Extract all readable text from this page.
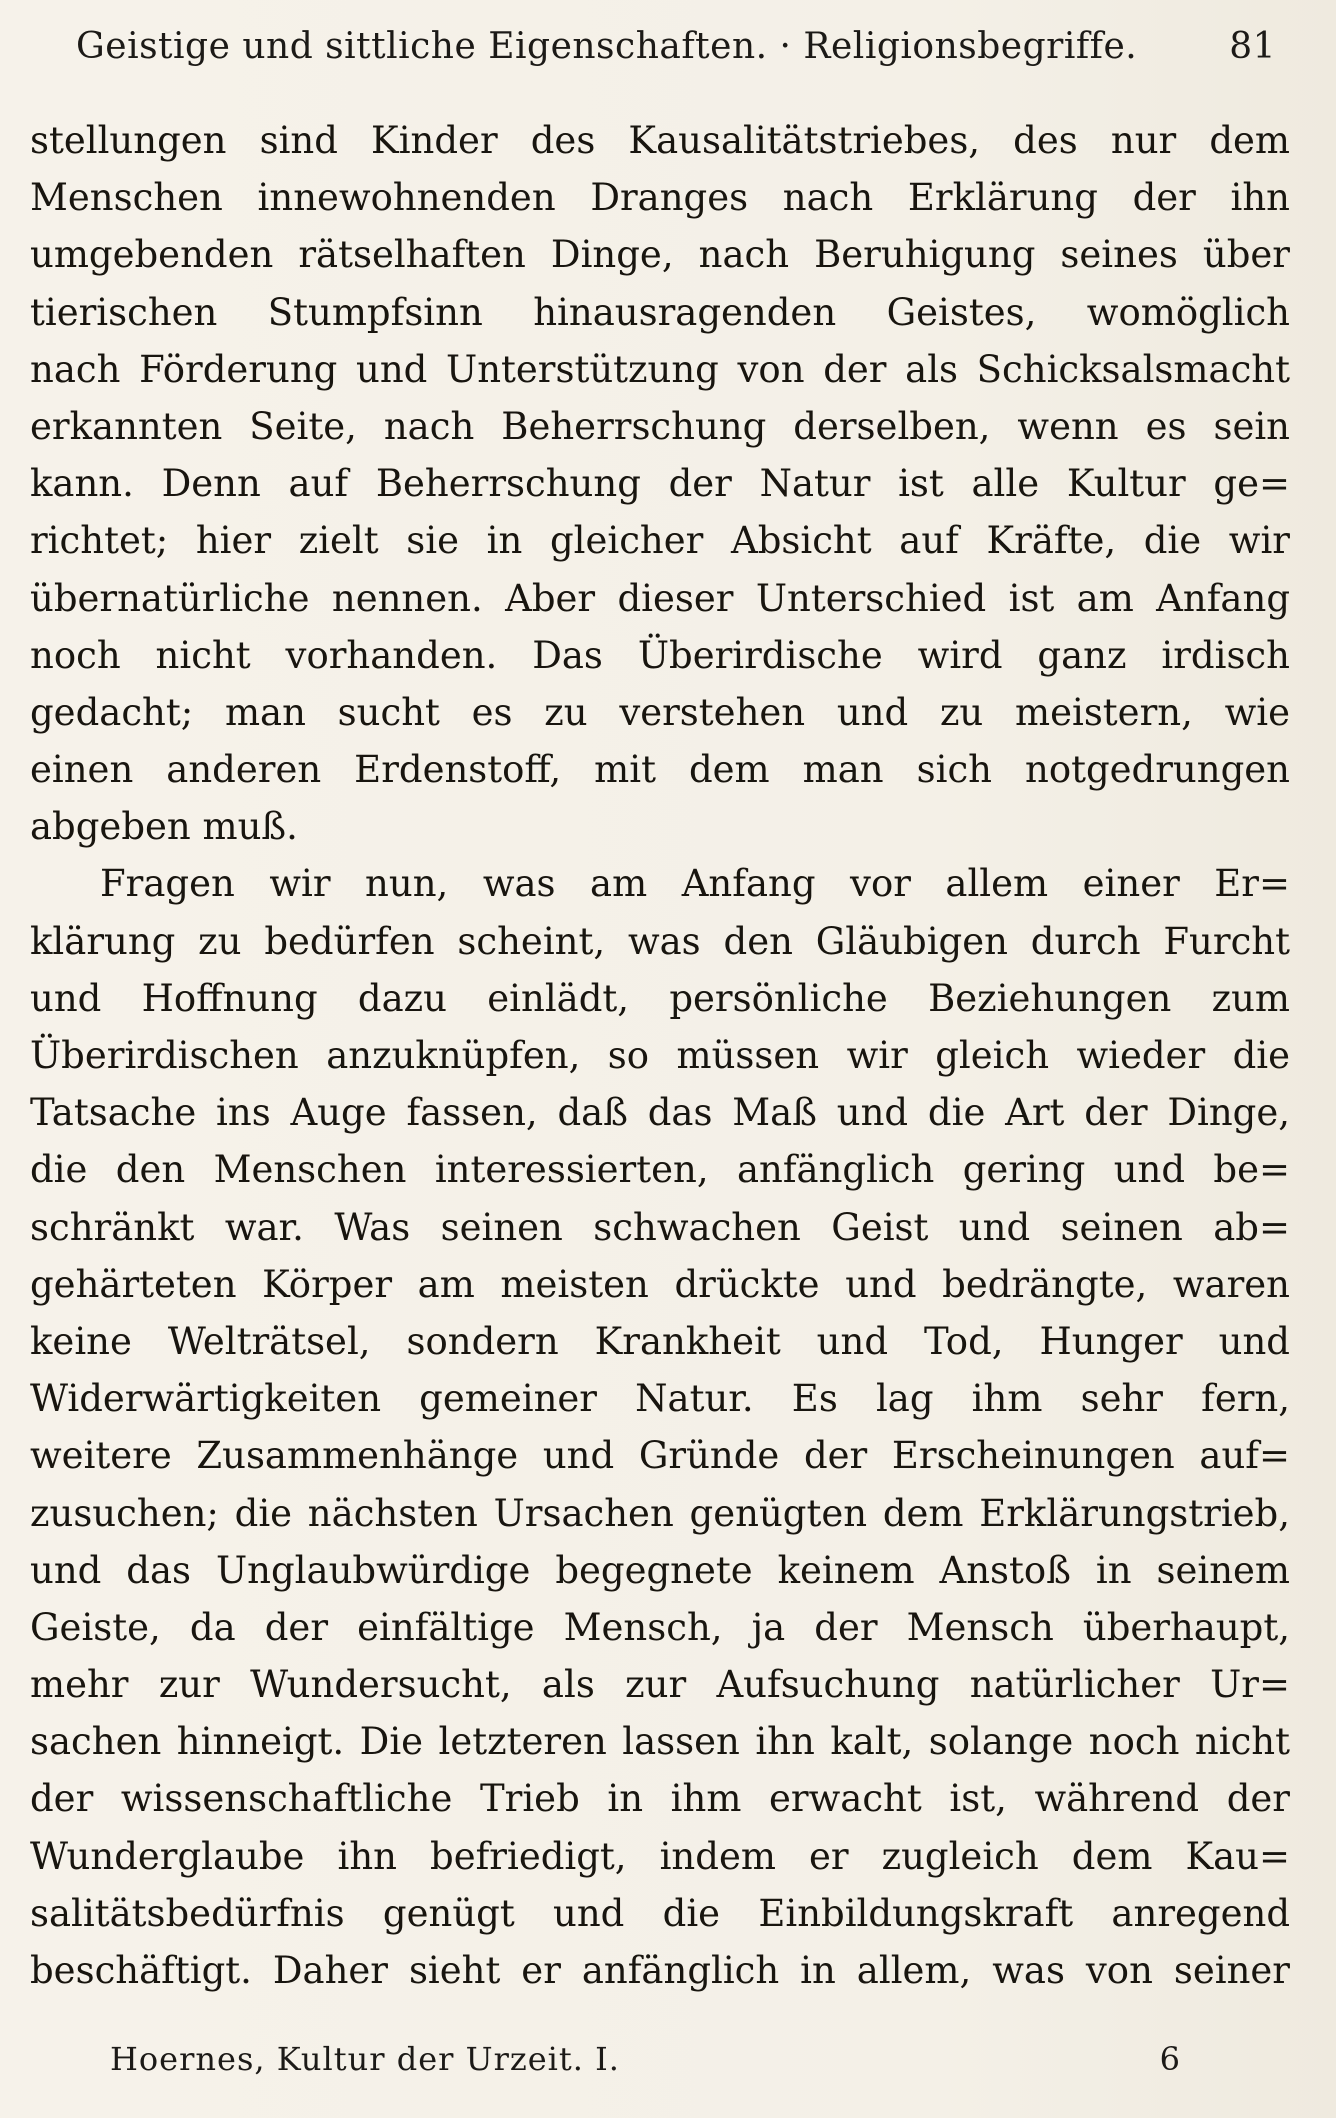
Geistige und sittliche Eigenschaften. · Religionsbegriffe.	81
stellungen sind Kinder des Kausalitätstriebes, des nur dem
Menschen innewohnenden Dranges nach Erklärung der ihn
umgebenden rätselhaften Dinge, nach Beruhigung seines über
tierischen Stumpfsinn hinausragenden Geistes, womöglich
nach Förderung und Unterstützung von der als Schicksalsmacht
erkannten Seite, nach Beherrschung derselben, wenn es sein
kann. Denn auf Beherrschung der Natur ist alle Kultur ge=
richtet; hier zielt sie in gleicher Absicht auf Kräfte, die wir
übernatürliche nennen. Aber dieser Unterschied ist am Anfang
noch nicht vorhanden. Das Überirdische wird ganz irdisch
gedacht; man sucht es zu verstehen und zu meistern, wie
einen anderen Erdenstoff, mit dem man sich notgedrungen
abgeben muß.
Fragen wir nun, was am Anfang vor allem einer Er=
klärung zu bedürfen scheint, was den Gläubigen durch Furcht
und Hoffnung dazu einlädt, persönliche Beziehungen zum
Überirdischen anzuknüpfen, so müssen wir gleich wieder die
Tatsache ins Auge fassen, daß das Maß und die Art der Dinge,
die den Menschen interessierten, anfänglich gering und be=
schränkt war. Was seinen schwachen Geist und seinen ab=
gehärteten Körper am meisten drückte und bedrängte, waren
keine Welträtsel, sondern Krankheit und Tod, Hunger und
Widerwärtigkeiten gemeiner Natur. Es lag ihm sehr fern,
weitere Zusammenhänge und Gründe der Erscheinungen auf=
zusuchen; die nächsten Ursachen genügten dem Erklärungstrieb,
und das Unglaubwürdige begegnete keinem Anstoß in seinem
Geiste, da der einfältige Mensch, ja der Mensch überhaupt,
mehr zur Wundersucht, als zur Aufsuchung natürlicher Ur=
sachen hinneigt. Die letzteren lassen ihn kalt, solange noch nicht
der wissenschaftliche Trieb in ihm erwacht ist, während der
Wunderglaube ihn befriedigt, indem er zugleich dem Kau=
salitätsbedürfnis genügt und die Einbildungskraft anregend
beschäftigt. Daher sieht er anfänglich in allem, was von seiner
Hoernes, Kultur der Urzeit. I.	6
